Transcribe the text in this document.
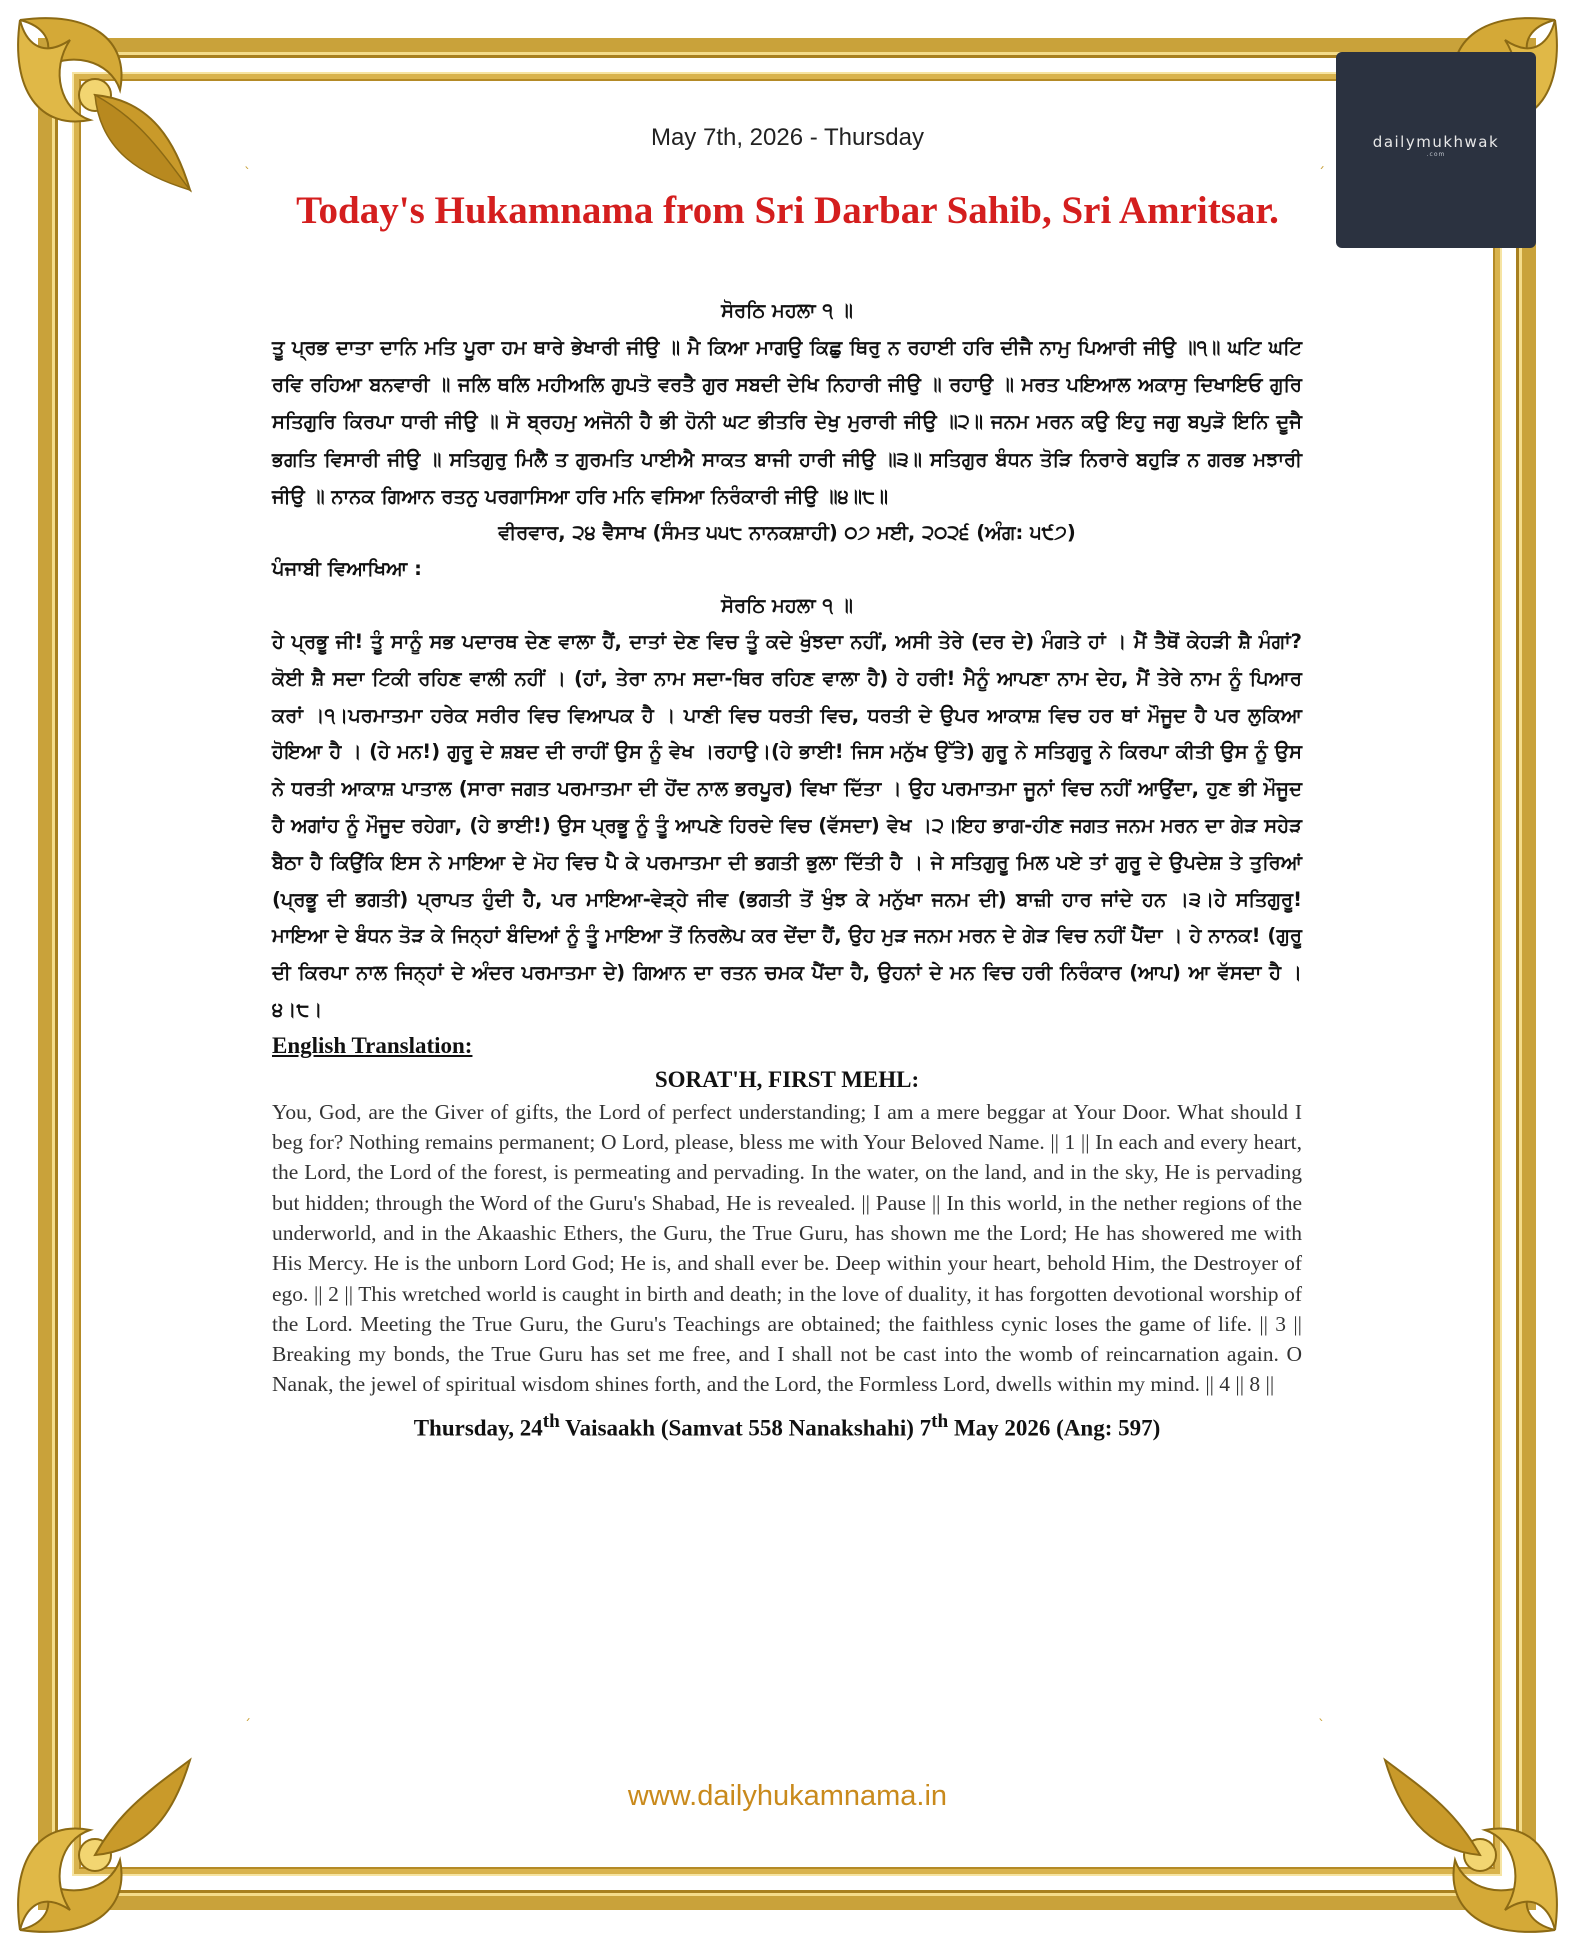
ˋ	ˊ
ˊ	ˋ
dailymukhwak
.com
May 7th, 2026 - Thursday
Today's Hukamnama from Sri Darbar Sahib, Sri Amritsar.
ਸੋਰਠਿ ਮਹਲਾ ੧ ॥

ਤੂ ਪ੍ਰਭ ਦਾਤਾ ਦਾਨਿ ਮਤਿ ਪੂਰਾ ਹਮ ਥਾਰੇ ਭੇਖਾਰੀ ਜੀਉ ॥ ਮੈ ਕਿਆ ਮਾਗਉ ਕਿਛੁ ਥਿਰੁ ਨ ਰਹਾਈ ਹਰਿ ਦੀਜੈ ਨਾਮੁ ਪਿਆਰੀ ਜੀਉ ॥੧॥ ਘਟਿ ਘਟਿ ਰਵਿ ਰਹਿਆ ਬਨਵਾਰੀ ॥ ਜਲਿ ਥਲਿ ਮਹੀਅਲਿ ਗੁਪਤੋ ਵਰਤੈ ਗੁਰ ਸਬਦੀ ਦੇਖਿ ਨਿਹਾਰੀ ਜੀਉ ॥ ਰਹਾਉ ॥ ਮਰਤ ਪਇਆਲ ਅਕਾਸੁ ਦਿਖਾਇਓ ਗੁਰਿ ਸਤਿਗੁਰਿ ਕਿਰਪਾ ਧਾਰੀ ਜੀਉ ॥ ਸੋ ਬ੍ਰਹਮੁ ਅਜੋਨੀ ਹੈ ਭੀ ਹੋਨੀ ਘਟ ਭੀਤਰਿ ਦੇਖੁ ਮੁਰਾਰੀ ਜੀਉ ॥੨॥ ਜਨਮ ਮਰਨ ਕਉ ਇਹੁ ਜਗੁ ਬਪੁੜੋ ਇਨਿ ਦੂਜੈ ਭਗਤਿ ਵਿਸਾਰੀ ਜੀਉ ॥ ਸਤਿਗੁਰੁ ਮਿਲੈ ਤ ਗੁਰਮਤਿ ਪਾਈਐ ਸਾਕਤ ਬਾਜੀ ਹਾਰੀ ਜੀਉ ॥੩॥ ਸਤਿਗੁਰ ਬੰਧਨ ਤੋੜਿ ਨਿਰਾਰੇ ਬਹੁੜਿ ਨ ਗਰਭ ਮਝਾਰੀ ਜੀਉ ॥ ਨਾਨਕ ਗਿਆਨ ਰਤਨੁ ਪਰਗਾਸਿਆ ਹਰਿ ਮਨਿ ਵਸਿਆ ਨਿਰੰਕਾਰੀ ਜੀਉ ॥੪॥੮॥

ਵੀਰਵਾਰ, ੨੪ ਵੈਸਾਖ (ਸੰਮਤ ੫੫੮ ਨਾਨਕਸ਼ਾਹੀ) ੦੭ ਮਈ, ੨੦੨੬ (ਅੰਗ: ੫੯੭)
ਪੰਜਾਬੀ ਵਿਆਖਿਆ :
ਸੋਰਠਿ ਮਹਲਾ ੧ ॥

ਹੇ ਪ੍ਰਭੂ ਜੀ! ਤੂੰ ਸਾਨੂੰ ਸਭ ਪਦਾਰਥ ਦੇਣ ਵਾਲਾ ਹੈਂ, ਦਾਤਾਂ ਦੇਣ ਵਿਚ ਤੂੰ ਕਦੇ ਖੁੰਝਦਾ ਨਹੀਂ, ਅਸੀ ਤੇਰੇ (ਦਰ ਦੇ) ਮੰਗਤੇ ਹਾਂ । ਮੈਂ ਤੈਥੋਂ ਕੇਹੜੀ ਸ਼ੈ ਮੰਗਾਂ? ਕੋਈ ਸ਼ੈ ਸਦਾ ਟਿਕੀ ਰਹਿਣ ਵਾਲੀ ਨਹੀਂ । (ਹਾਂ, ਤੇਰਾ ਨਾਮ ਸਦਾ-ਥਿਰ ਰਹਿਣ ਵਾਲਾ ਹੈ) ਹੇ ਹਰੀ! ਮੈਨੂੰ ਆਪਣਾ ਨਾਮ ਦੇਹ, ਮੈਂ ਤੇਰੇ ਨਾਮ ਨੂੰ ਪਿਆਰ ਕਰਾਂ ।੧।ਪਰਮਾਤਮਾ ਹਰੇਕ ਸਰੀਰ ਵਿਚ ਵਿਆਪਕ ਹੈ । ਪਾਣੀ ਵਿਚ ਧਰਤੀ ਵਿਚ, ਧਰਤੀ ਦੇ ਉਪਰ ਆਕਾਸ਼ ਵਿਚ ਹਰ ਥਾਂ ਮੌਜੂਦ ਹੈ ਪਰ ਲੁਕਿਆ ਹੋਇਆ ਹੈ । (ਹੇ ਮਨ!) ਗੁਰੂ ਦੇ ਸ਼ਬਦ ਦੀ ਰਾਹੀਂ ਉਸ ਨੂੰ ਵੇਖ ।ਰਹਾਉ।(ਹੇ ਭਾਈ! ਜਿਸ ਮਨੁੱਖ ਉੱਤੇ) ਗੁਰੂ ਨੇ ਸਤਿਗੁਰੂ ਨੇ ਕਿਰਪਾ ਕੀਤੀ ਉਸ ਨੂੰ ਉਸ ਨੇ ਧਰਤੀ ਆਕਾਸ਼ ਪਾਤਾਲ (ਸਾਰਾ ਜਗਤ ਪਰਮਾਤਮਾ ਦੀ ਹੋਂਦ ਨਾਲ ਭਰਪੂਰ) ਵਿਖਾ ਦਿੱਤਾ । ਉਹ ਪਰਮਾਤਮਾ ਜੂਨਾਂ ਵਿਚ ਨਹੀਂ ਆਉਂਦਾ, ਹੁਣ ਭੀ ਮੌਜੂਦ ਹੈ ਅਗਾਂਹ ਨੂੰ ਮੌਜੂਦ ਰਹੇਗਾ, (ਹੇ ਭਾਈ!) ਉਸ ਪ੍ਰਭੂ ਨੂੰ ਤੂੰ ਆਪਣੇ ਹਿਰਦੇ ਵਿਚ (ਵੱਸਦਾ) ਵੇਖ ।੨।ਇਹ ਭਾਗ-ਹੀਣ ਜਗਤ ਜਨਮ ਮਰਨ ਦਾ ਗੇੜ ਸਹੇੜ ਬੈਠਾ ਹੈ ਕਿਉਂਕਿ ਇਸ ਨੇ ਮਾਇਆ ਦੇ ਮੋਹ ਵਿਚ ਪੈ ਕੇ ਪਰਮਾਤਮਾ ਦੀ ਭਗਤੀ ਭੁਲਾ ਦਿੱਤੀ ਹੈ । ਜੇ ਸਤਿਗੁਰੂ ਮਿਲ ਪਏ ਤਾਂ ਗੁਰੂ ਦੇ ਉਪਦੇਸ਼ ਤੇ ਤੁਰਿਆਂ (ਪ੍ਰਭੂ ਦੀ ਭਗਤੀ) ਪ੍ਰਾਪਤ ਹੁੰਦੀ ਹੈ, ਪਰ ਮਾਇਆ-ਵੇੜ੍ਹੇ ਜੀਵ (ਭਗਤੀ ਤੋਂ ਖੁੰਝ ਕੇ ਮਨੁੱਖਾ ਜਨਮ ਦੀ) ਬਾਜ਼ੀ ਹਾਰ ਜਾਂਦੇ ਹਨ ।੩।ਹੇ ਸਤਿਗੁਰੂ! ਮਾਇਆ ਦੇ ਬੰਧਨ ਤੋੜ ਕੇ ਜਿਨ੍ਹਾਂ ਬੰਦਿਆਂ ਨੂੰ ਤੂੰ ਮਾਇਆ ਤੋਂ ਨਿਰਲੇਪ ਕਰ ਦੇਂਦਾ ਹੈਂ, ਉਹ ਮੁੜ ਜਨਮ ਮਰਨ ਦੇ ਗੇੜ ਵਿਚ ਨਹੀਂ ਪੈਂਦਾ । ਹੇ ਨਾਨਕ! (ਗੁਰੂ ਦੀ ਕਿਰਪਾ ਨਾਲ ਜਿਨ੍ਹਾਂ ਦੇ ਅੰਦਰ ਪਰਮਾਤਮਾ ਦੇ) ਗਿਆਨ ਦਾ ਰਤਨ ਚਮਕ ਪੈਂਦਾ ਹੈ, ਉਹਨਾਂ ਦੇ ਮਨ ਵਿਚ ਹਰੀ ਨਿਰੰਕਾਰ (ਆਪ) ਆ ਵੱਸਦਾ ਹੈ ।੪।੮।

English Translation:
SORAT'H, FIRST MEHL:

You, God, are the Giver of gifts, the Lord of perfect understanding; I am a mere beggar at Your Door. What should I beg for? Nothing remains permanent; O Lord, please, bless me with Your Beloved Name. || 1 || In each and every heart, the Lord, the Lord of the forest, is permeating and pervading. In the water, on the land, and in the sky, He is pervading but hidden; through the Word of the Guru's Shabad, He is revealed. || Pause || In this world, in the nether regions of the underworld, and in the Akaashic Ethers, the Guru, the True Guru, has shown me the Lord; He has showered me with His Mercy. He is the unborn Lord God; He is, and shall ever be. Deep within your heart, behold Him, the Destroyer of ego. || 2 || This wretched world is caught in birth and death; in the love of duality, it has forgotten devotional worship of the Lord. Meeting the True Guru, the Guru's Teachings are obtained; the faithless cynic loses the game of life. || 3 || Breaking my bonds, the True Guru has set me free, and I shall not be cast into the womb of reincarnation again. O Nanak, the jewel of spiritual wisdom shines forth, and the Lord, the Formless Lord, dwells within my mind. || 4 || 8 ||

Thursday, 24th Vaisaakh (Samvat 558 Nanakshahi) 7th May 2026 (Ang: 597)
www.dailyhukamnama.in
